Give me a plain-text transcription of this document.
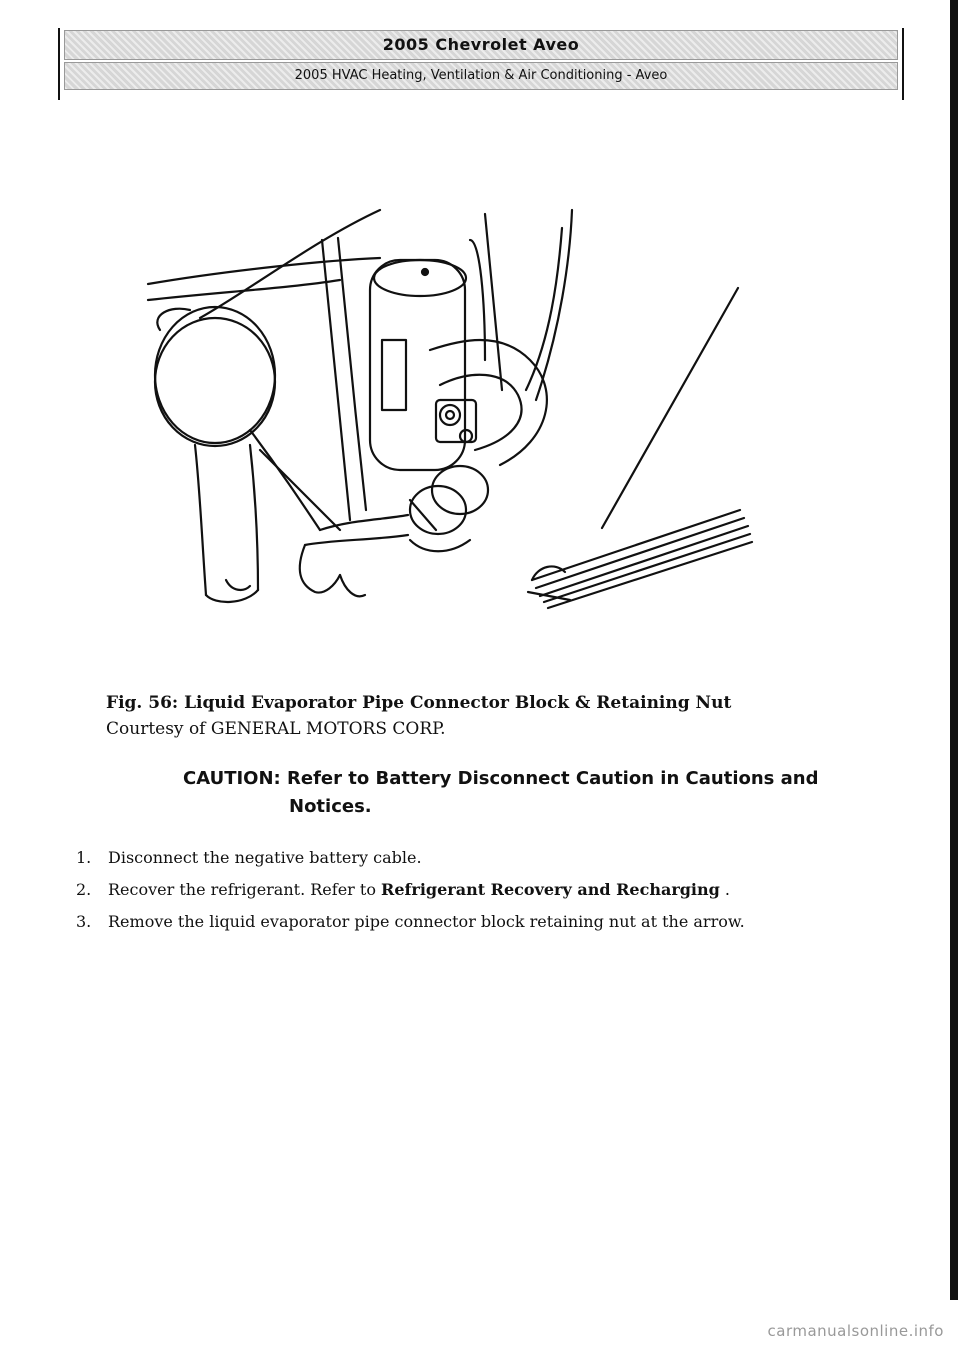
2005 Chevrolet Aveo
2005 HVAC Heating, Ventilation & Air Conditioning - Aveo
Fig. 56: Liquid Evaporator Pipe Connector Block & Retaining Nut
Courtesy of GENERAL MOTORS CORP.
CAUTION: Refer to Battery Disconnect Caution in Cautions and
Notices.
1. Disconnect the negative battery cable.
2. Recover the refrigerant. Refer to Refrigerant Recovery and Recharging .
3. Remove the liquid evaporator pipe connector block retaining nut at the arrow.
carmanualsonline.info
